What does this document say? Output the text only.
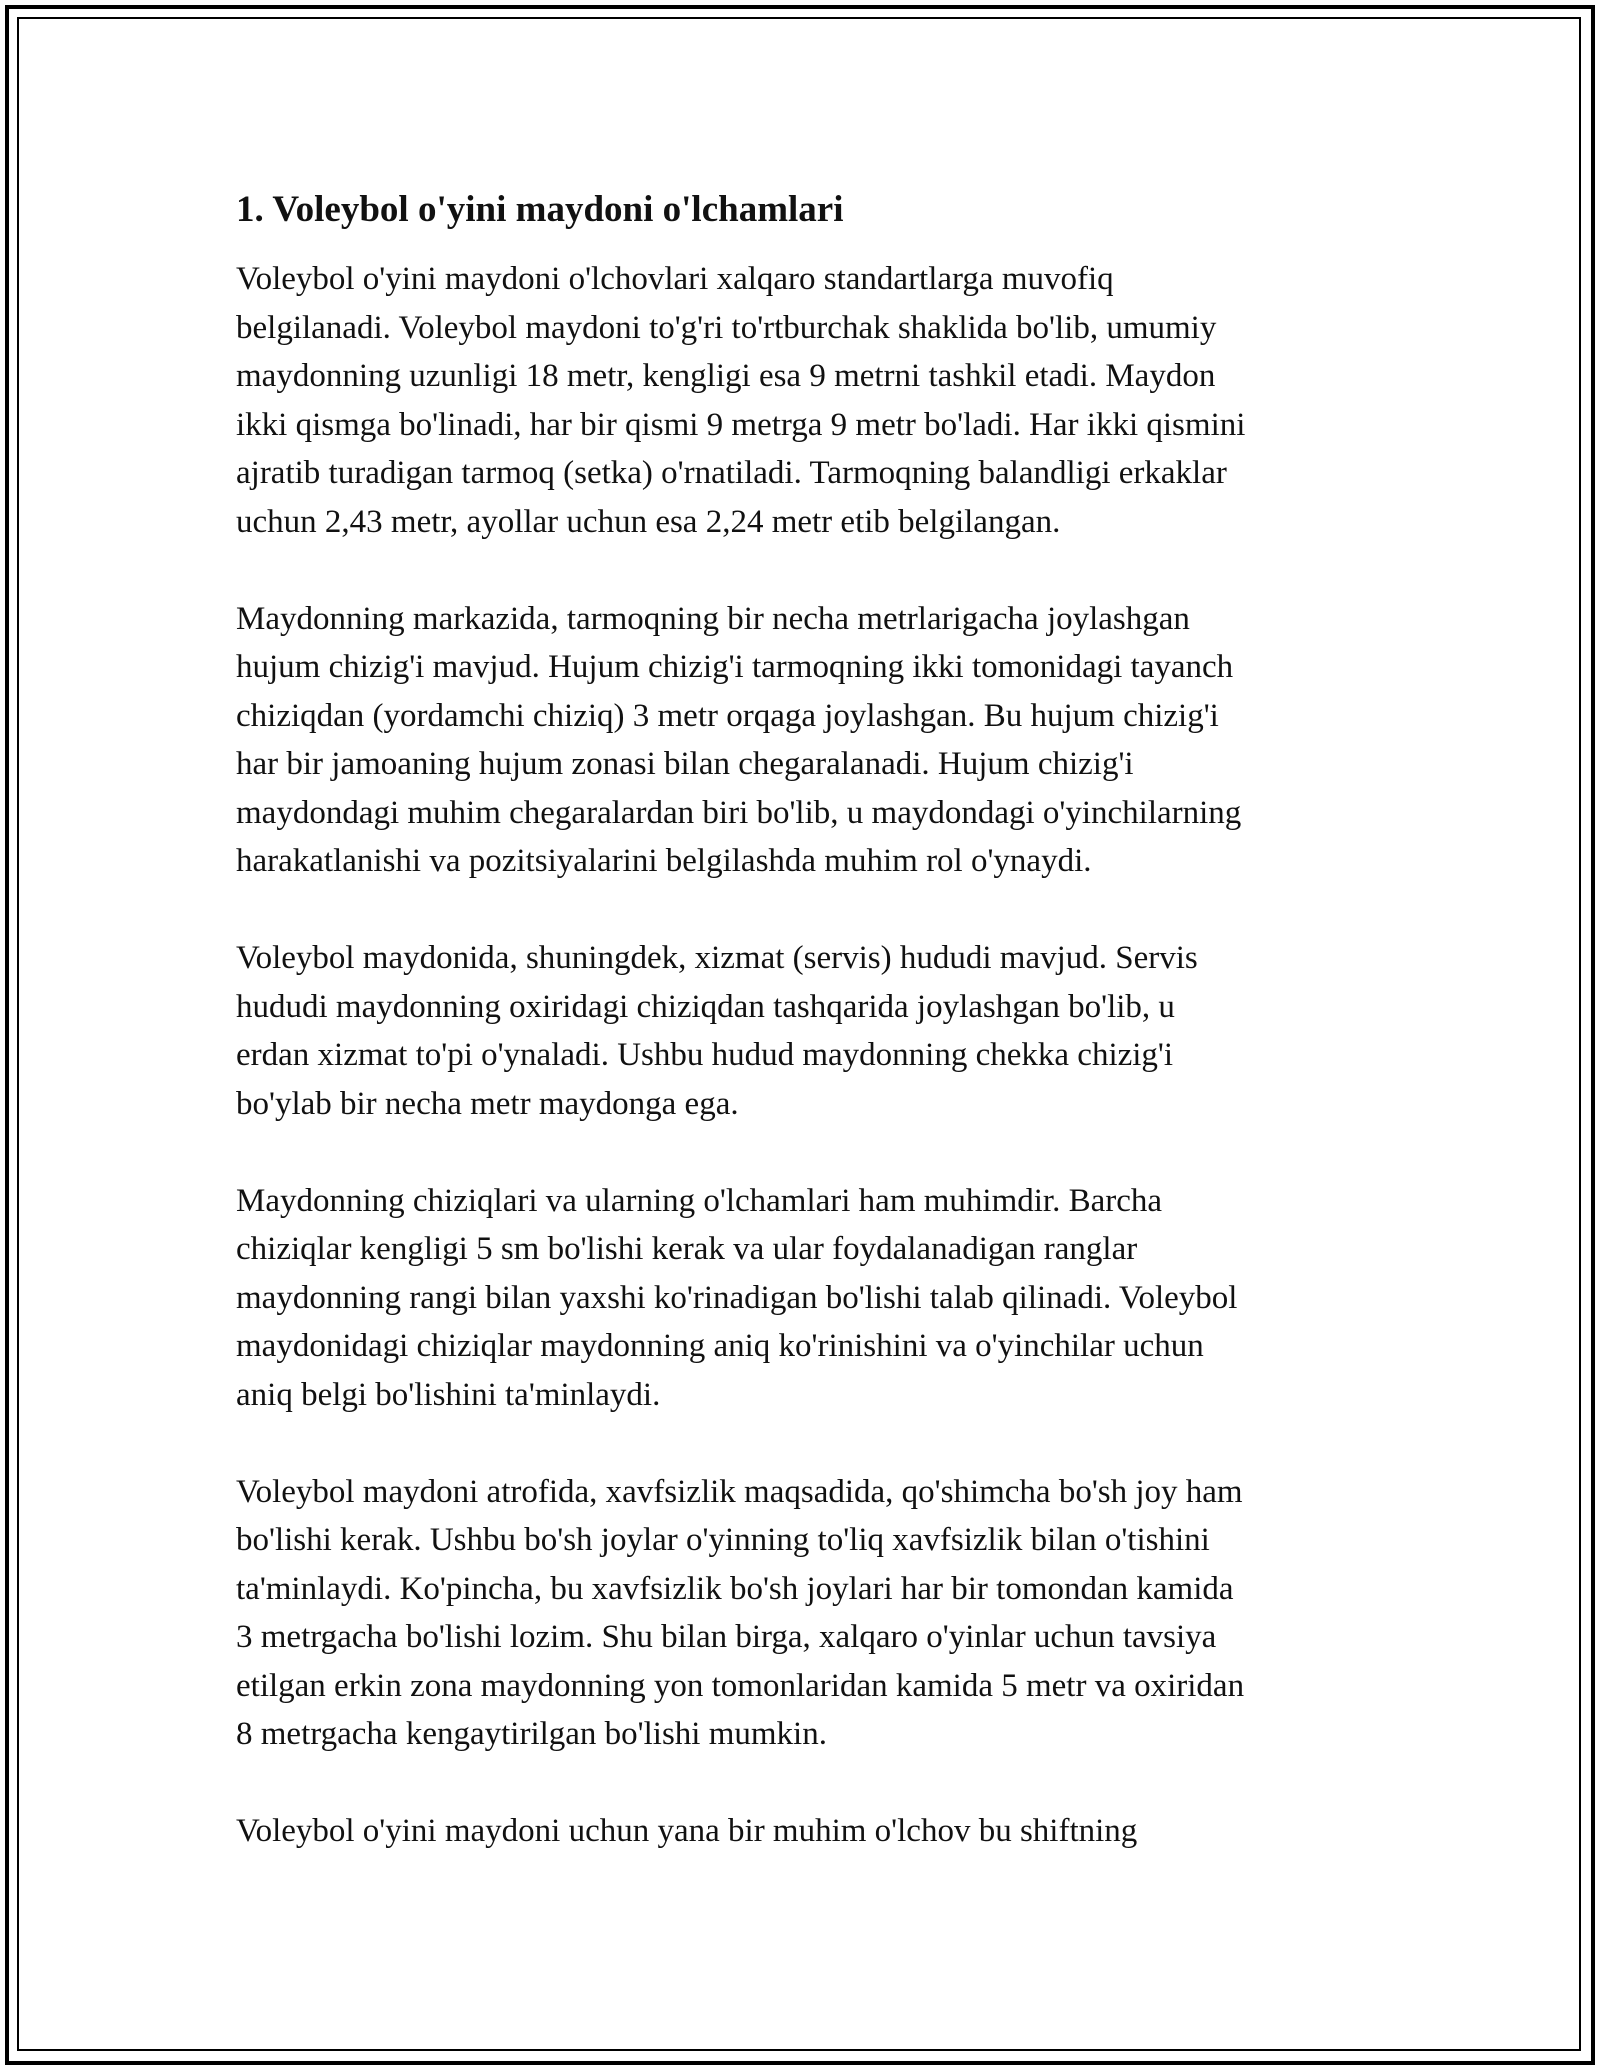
1. Voleybol o'yini maydoni o'lchamlari

Voleybol o'yini maydoni o'lchovlari xalqaro standartlarga muvofiq
belgilanadi. Voleybol maydoni to'g'ri to'rtburchak shaklida bo'lib, umumiy
maydonning uzunligi 18 metr, kengligi esa 9 metrni tashkil etadi. Maydon
ikki qismga bo'linadi, har bir qismi 9 metrga 9 metr bo'ladi. Har ikki qismini
ajratib turadigan tarmoq (setka) o'rnatiladi. Tarmoqning balandligi erkaklar
uchun 2,43 metr, ayollar uchun esa 2,24 metr etib belgilangan.

Maydonning markazida, tarmoqning bir necha metrlarigacha joylashgan
hujum chizig'i mavjud. Hujum chizig'i tarmoqning ikki tomonidagi tayanch
chiziqdan (yordamchi chiziq) 3 metr orqaga joylashgan. Bu hujum chizig'i
har bir jamoaning hujum zonasi bilan chegaralanadi. Hujum chizig'i
maydondagi muhim chegaralardan biri bo'lib, u maydondagi o'yinchilarning
harakatlanishi va pozitsiyalarini belgilashda muhim rol o'ynaydi.

Voleybol maydonida, shuningdek, xizmat (servis) hududi mavjud. Servis
hududi maydonning oxiridagi chiziqdan tashqarida joylashgan bo'lib, u
erdan xizmat to'pi o'ynaladi. Ushbu hudud maydonning chekka chizig'i
bo'ylab bir necha metr maydonga ega.

Maydonning chiziqlari va ularning o'lchamlari ham muhimdir. Barcha
chiziqlar kengligi 5 sm bo'lishi kerak va ular foydalanadigan ranglar
maydonning rangi bilan yaxshi ko'rinadigan bo'lishi talab qilinadi. Voleybol
maydonidagi chiziqlar maydonning aniq ko'rinishini va o'yinchilar uchun
aniq belgi bo'lishini ta'minlaydi.

Voleybol maydoni atrofida, xavfsizlik maqsadida, qo'shimcha bo'sh joy ham
bo'lishi kerak. Ushbu bo'sh joylar o'yinning to'liq xavfsizlik bilan o'tishini
ta'minlaydi. Ko'pincha, bu xavfsizlik bo'sh joylari har bir tomondan kamida
3 metrgacha bo'lishi lozim. Shu bilan birga, xalqaro o'yinlar uchun tavsiya
etilgan erkin zona maydonning yon tomonlaridan kamida 5 metr va oxiridan
8 metrgacha kengaytirilgan bo'lishi mumkin.

Voleybol o'yini maydoni uchun yana bir muhim o'lchov bu shiftning
